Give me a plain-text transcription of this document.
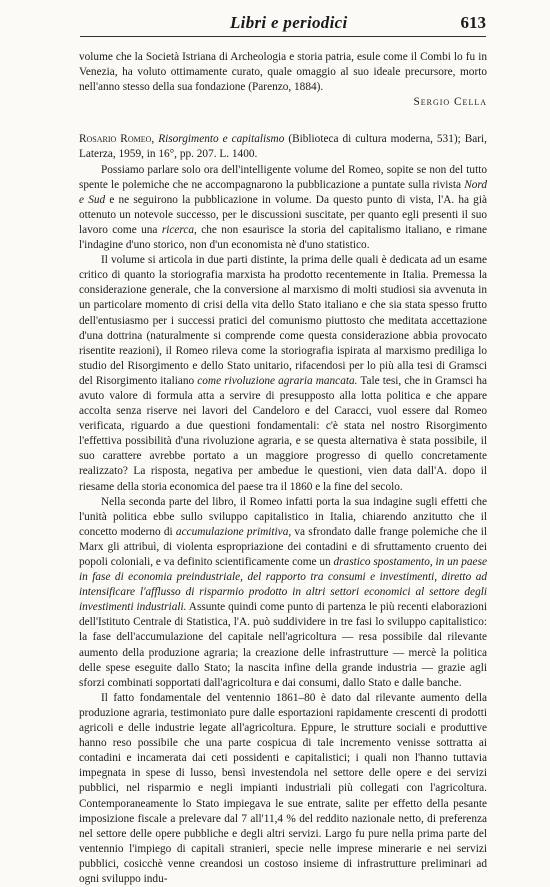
Libri e periodici	613

volume che la Società Istriana di Archeologia e storia patria, esule come il Combi lo fu in Venezia, ha voluto ottimamente curato, quale omaggio al suo ideale precursore, morto nell'anno stesso della sua fondazione (Parenzo, 1884).

Sergio Cella

Rosario Romeo, Risorgimento e capitalismo (Biblioteca di cultura moderna, 531); Bari, Laterza, 1959, in 16°, pp. 207. L. 1400.

Possiamo parlare solo ora dell'intelligente volume del Romeo, sopite se non del tutto spente le polemiche che ne accompagnarono la pubblicazione a puntate sulla rivista Nord e Sud e ne seguirono la pubblicazione in volume. Da questo punto di vista, l'A. ha già ottenuto un notevole successo, per le discussioni suscitate, per quanto egli presenti il suo lavoro come una ricerca, che non esaurisce la storia del capitalismo italiano, e rimane l'indagine d'uno storico, non d'un economista nè d'uno statistico.

Il volume si articola in due parti distinte, la prima delle quali è dedicata ad un esame critico di quanto la storiografia marxista ha prodotto recentemente in Italia. Premessa la considerazione generale, che la conversione al marxismo di molti studiosi sia avvenuta in un particolare momento di crisi della vita dello Stato italiano e che sia stata spesso frutto dell'entusiasmo per i successi pratici del comunismo piuttosto che meditata accettazione d'una dottrina (naturalmente si comprende come questa considerazione abbia provocato risentite reazioni), il Romeo rileva come la storiografia ispirata al marxismo prediliga lo studio del Risorgimento e dello Stato unitario, rifacendosi per lo più alla tesi di Gramsci del Risorgimento italiano come rivoluzione agraria mancata. Tale tesi, che in Gramsci ha avuto valore di formula atta a servire di presupposto alla lotta politica e che appare accolta senza riserve nei lavori del Candeloro e del Caracci, vuol essere dal Romeo verificata, riguardo a due questioni fondamentali: c'è stata nel nostro Risorgimento l'effettiva possibilità d'una rivoluzione agraria, e se questa alternativa è stata possibile, il suo carattere avrebbe portato a un maggiore progresso di quello concretamente realizzato? La risposta, negativa per ambedue le questioni, vien data dall'A. dopo il riesame della storia economica del paese tra il 1860 e la fine del secolo.

Nella seconda parte del libro, il Romeo infatti porta la sua indagine sugli effetti che l'unità politica ebbe sullo sviluppo capitalistico in Italia, chiarendo anzitutto che il concetto moderno di accumulazione primitiva, va sfrondato dalle frange polemiche che il Marx gli attribuì, di violenta espropriazione dei contadini e di sfruttamento cruento dei popoli coloniali, e va definito scientificamente come un drastico spostamento, in un paese in fase di economia preindustriale, del rapporto tra consumi e investimenti, diretto ad intensificare l'afflusso di risparmio prodotto in altri settori economici al settore degli investimenti industriali. Assunte quindi come punto di partenza le più recenti elaborazioni dell'Istituto Centrale di Statistica, l'A. può suddividere in tre fasi lo sviluppo capitalistico: la fase dell'accumulazione del capitale nell'agricoltura — resa possibile dal rilevante aumento della produzione agraria; la creazione delle infrastrutture — mercè la politica delle spese eseguite dallo Stato; la nascita infine della grande industria — grazie agli sforzi combinati sopportati dall'agricoltura e dai consumi, dallo Stato e dalle banche.

Il fatto fondamentale del ventennio 1861–80 è dato dal rilevante aumento della produzione agraria, testimoniato pure dalle esportazioni rapidamente crescenti di prodotti agricoli e delle industrie legate all'agricoltura. Eppure, le strutture sociali e produttive hanno reso possibile che una parte cospicua di tale incremento venisse sottratta ai contadini e incamerata dai ceti possidenti e capitalistici; i quali non l'hanno tuttavia impegnata in spese di lusso, bensì investendola nel settore delle opere e dei servizi pubblici, nel risparmio e negli impianti industriali più collegati con l'agricoltura. Contemporaneamente lo Stato impiegava le sue entrate, salite per effetto della pesante imposizione fiscale a prelevare dal 7 all'11,4 % del reddito nazionale netto, di preferenza nel settore delle opere pubbliche e degli altri servizi. Largo fu pure nella prima parte del ventennio l'impiego di capitali stranieri, specie nelle imprese minerarie e nei servizi pubblici, cosicchè venne creandosi un costoso insieme di infrastrutture preliminari ad ogni sviluppo indu-
